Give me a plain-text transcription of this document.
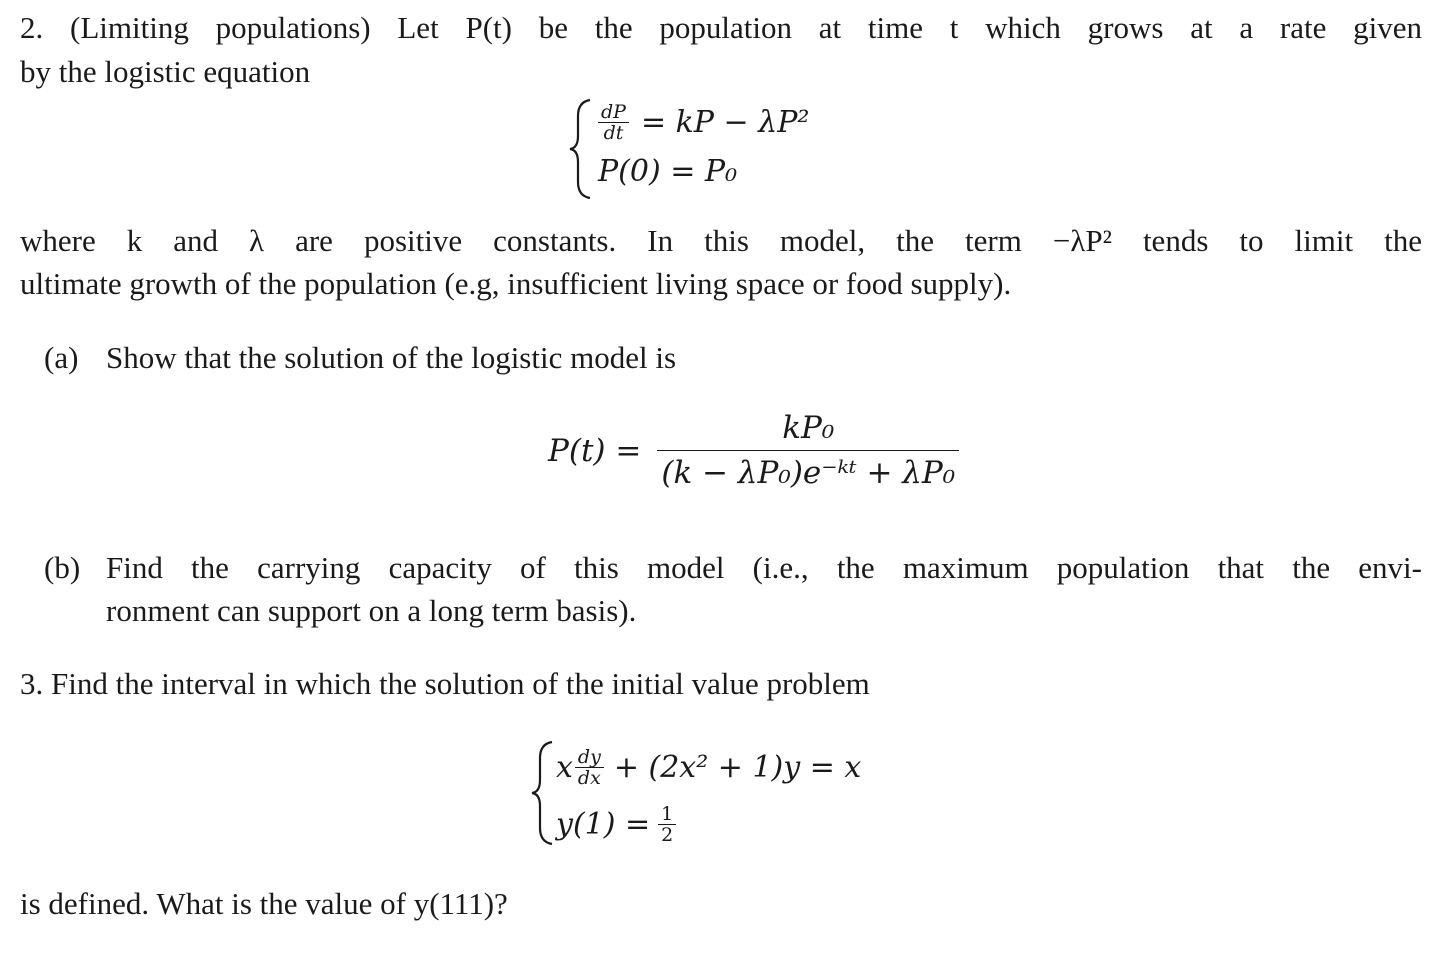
2. (Limiting populations) Let P(t) be the population at time t which grows at a rate given
by the logistic equation
$\frac{dP}{dt}$ = kP − λP²
P(0) = P₀
where k and λ are positive constants. In this model, the term −λP² tends to limit the
ultimate growth of the population (e.g, insufficient living space or food supply).
(a) Show that the solution of the logistic model is
$P(t) = \frac{\text{kP₀}}{\text{(k − λP₀)e⁻ᵏᵗ + λP₀}}$
(b) Find the carrying capacity of this model (i.e., the maximum population that the envi-
ronment can support on a long term basis).
3. Find the interval in which the solution of the initial value problem
x $\frac{dy}{dx} + (2x^2 + 1)y = x$
$y(1) = \frac{1}{2}$
is defined. What is the value of y(111)?
